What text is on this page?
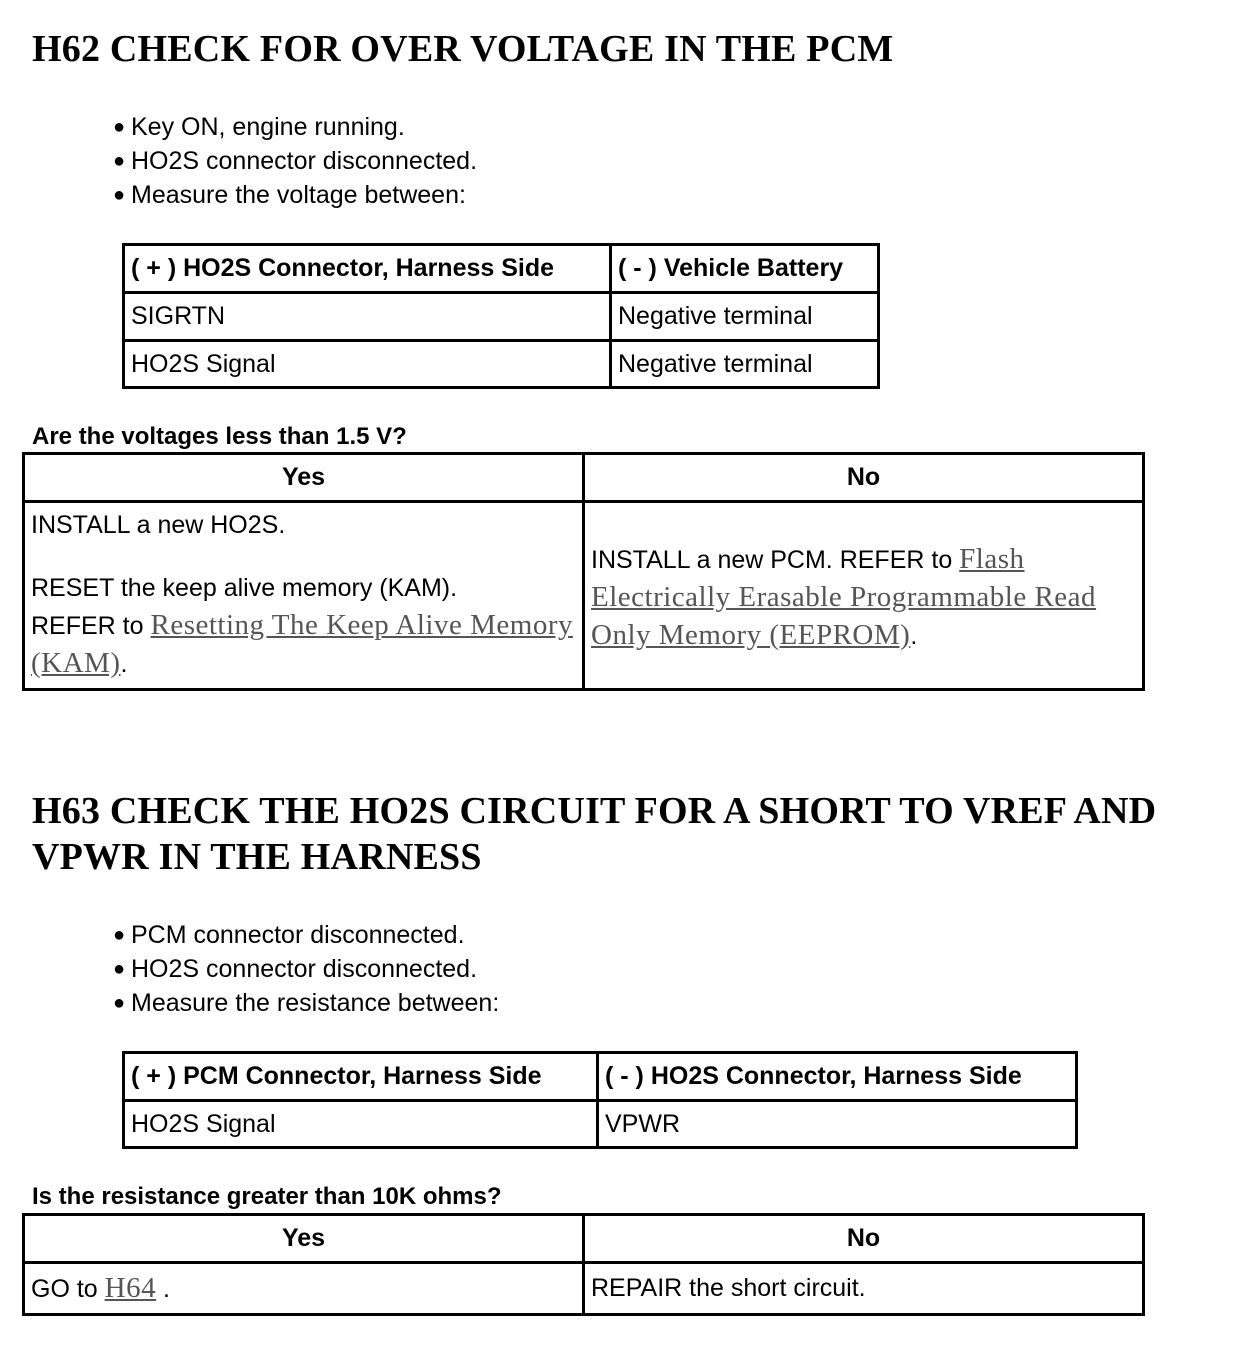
H62 CHECK FOR OVER VOLTAGE IN THE PCM
● Key ON, engine running.
● HO2S connector disconnected.
● Measure the voltage between:
( + ) HO2S Connector, Harness Side	( - ) Vehicle Battery
SIGRTN	Negative terminal
HO2S Signal	Negative terminal

Are the voltages less than 1.5 V?

Yes	No

INSTALL a new HO2S.
RESET the keep alive memory (KAM).
REFER to Resetting The Keep Alive Memory (KAM).	INSTALL a new PCM. REFER to Flash Electrically Erasable Programmable Read Only Memory (EEPROM).
H63 CHECK THE HO2S CIRCUIT FOR A SHORT TO VREF AND
VPWR IN THE HARNESS
● PCM connector disconnected.
● HO2S connector disconnected.
● Measure the resistance between:
( + ) PCM Connector, Harness Side	( - ) HO2S Connector, Harness Side
HO2S Signal	VPWR

Is the resistance greater than 10K ohms?

Yes	No
GO to H64 .	REPAIR the short circuit.
